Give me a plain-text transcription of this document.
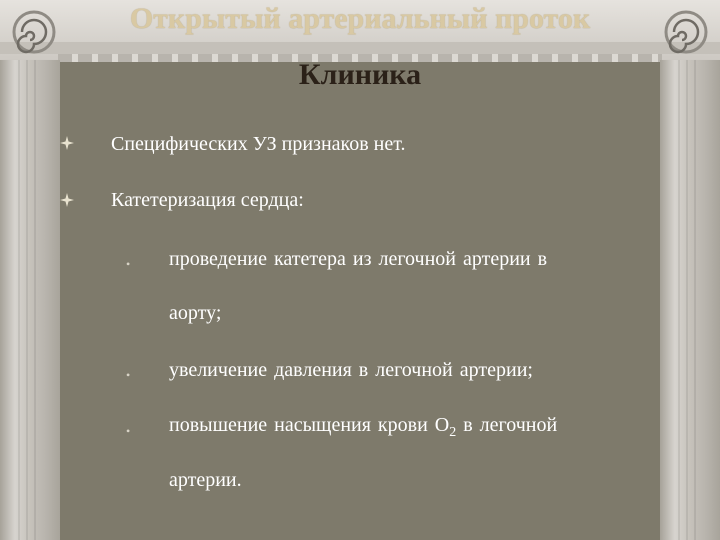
Открытый артериальный проток
Клиника
Специфических УЗ признаков нет.
Катетеризация сердца:
• проведение катетера из легочной артерии в
аорту;
• увеличение давления в легочной артерии;
• повышение насыщения крови $О_2$ в легочной
артерии.
